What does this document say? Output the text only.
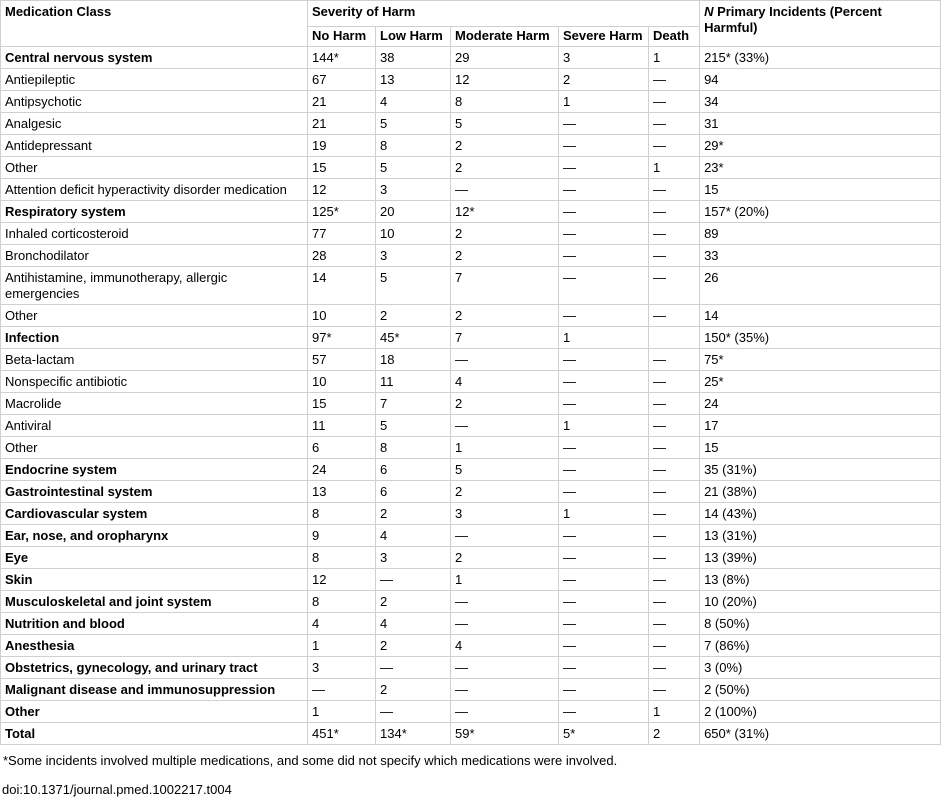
Medication Class	Severity of Harm					N Primary Incidents (Percent Harmful)
	No Harm	Low Harm	Moderate Harm	Severe Harm	Death	
Central nervous system	144*	38	29	3	1	215* (33%)
Antiepileptic	67	13	12	2	—	94
Antipsychotic	21	4	8	1	—	34
Analgesic	21	5	5	—	—	31
Antidepressant	19	8	2	—	—	29*
Other	15	5	2	—	1	23*
Attention deficit hyperactivity disorder medication	12	3	—	—	—	15
Respiratory system	125*	20	12*	—	—	157* (20%)
Inhaled corticosteroid	77	10	2	—	—	89
Bronchodilator	28	3	2	—	—	33
Antihistamine, immunotherapy, allergic emergencies	14	5	7	—	—	26
Other	10	2	2	—	—	14
Infection	97*	45*	7	1		150* (35%)
Beta-lactam	57	18	—	—	—	75*
Nonspecific antibiotic	10	11	4	—	—	25*
Macrolide	15	7	2	—	—	24
Antiviral	11	5	—	1	—	17
Other	6	8	1	—	—	15
Endocrine system	24	6	5	—	—	35 (31%)
Gastrointestinal system	13	6	2	—	—	21 (38%)
Cardiovascular system	8	2	3	1	—	14 (43%)
Ear, nose, and oropharynx	9	4	—	—	—	13 (31%)
Eye	8	3	2	—	—	13 (39%)
Skin	12	—	1	—	—	13 (8%)
Musculoskeletal and joint system	8	2	—	—	—	10 (20%)
Nutrition and blood	4	4	—	—	—	8 (50%)
Anesthesia	1	2	4	—	—	7 (86%)
Obstetrics, gynecology, and urinary tract	3	—	—	—	—	3 (0%)
Malignant disease and immunosuppression	—	2	—	—	—	2 (50%)
Other	1	—	—	—	1	2 (100%)
Total	451*	134*	59*	5*	2	650* (31%)
*Some incidents involved multiple medications, and some did not specify which medications were involved.
doi:10.1371/journal.pmed.1002217.t004
